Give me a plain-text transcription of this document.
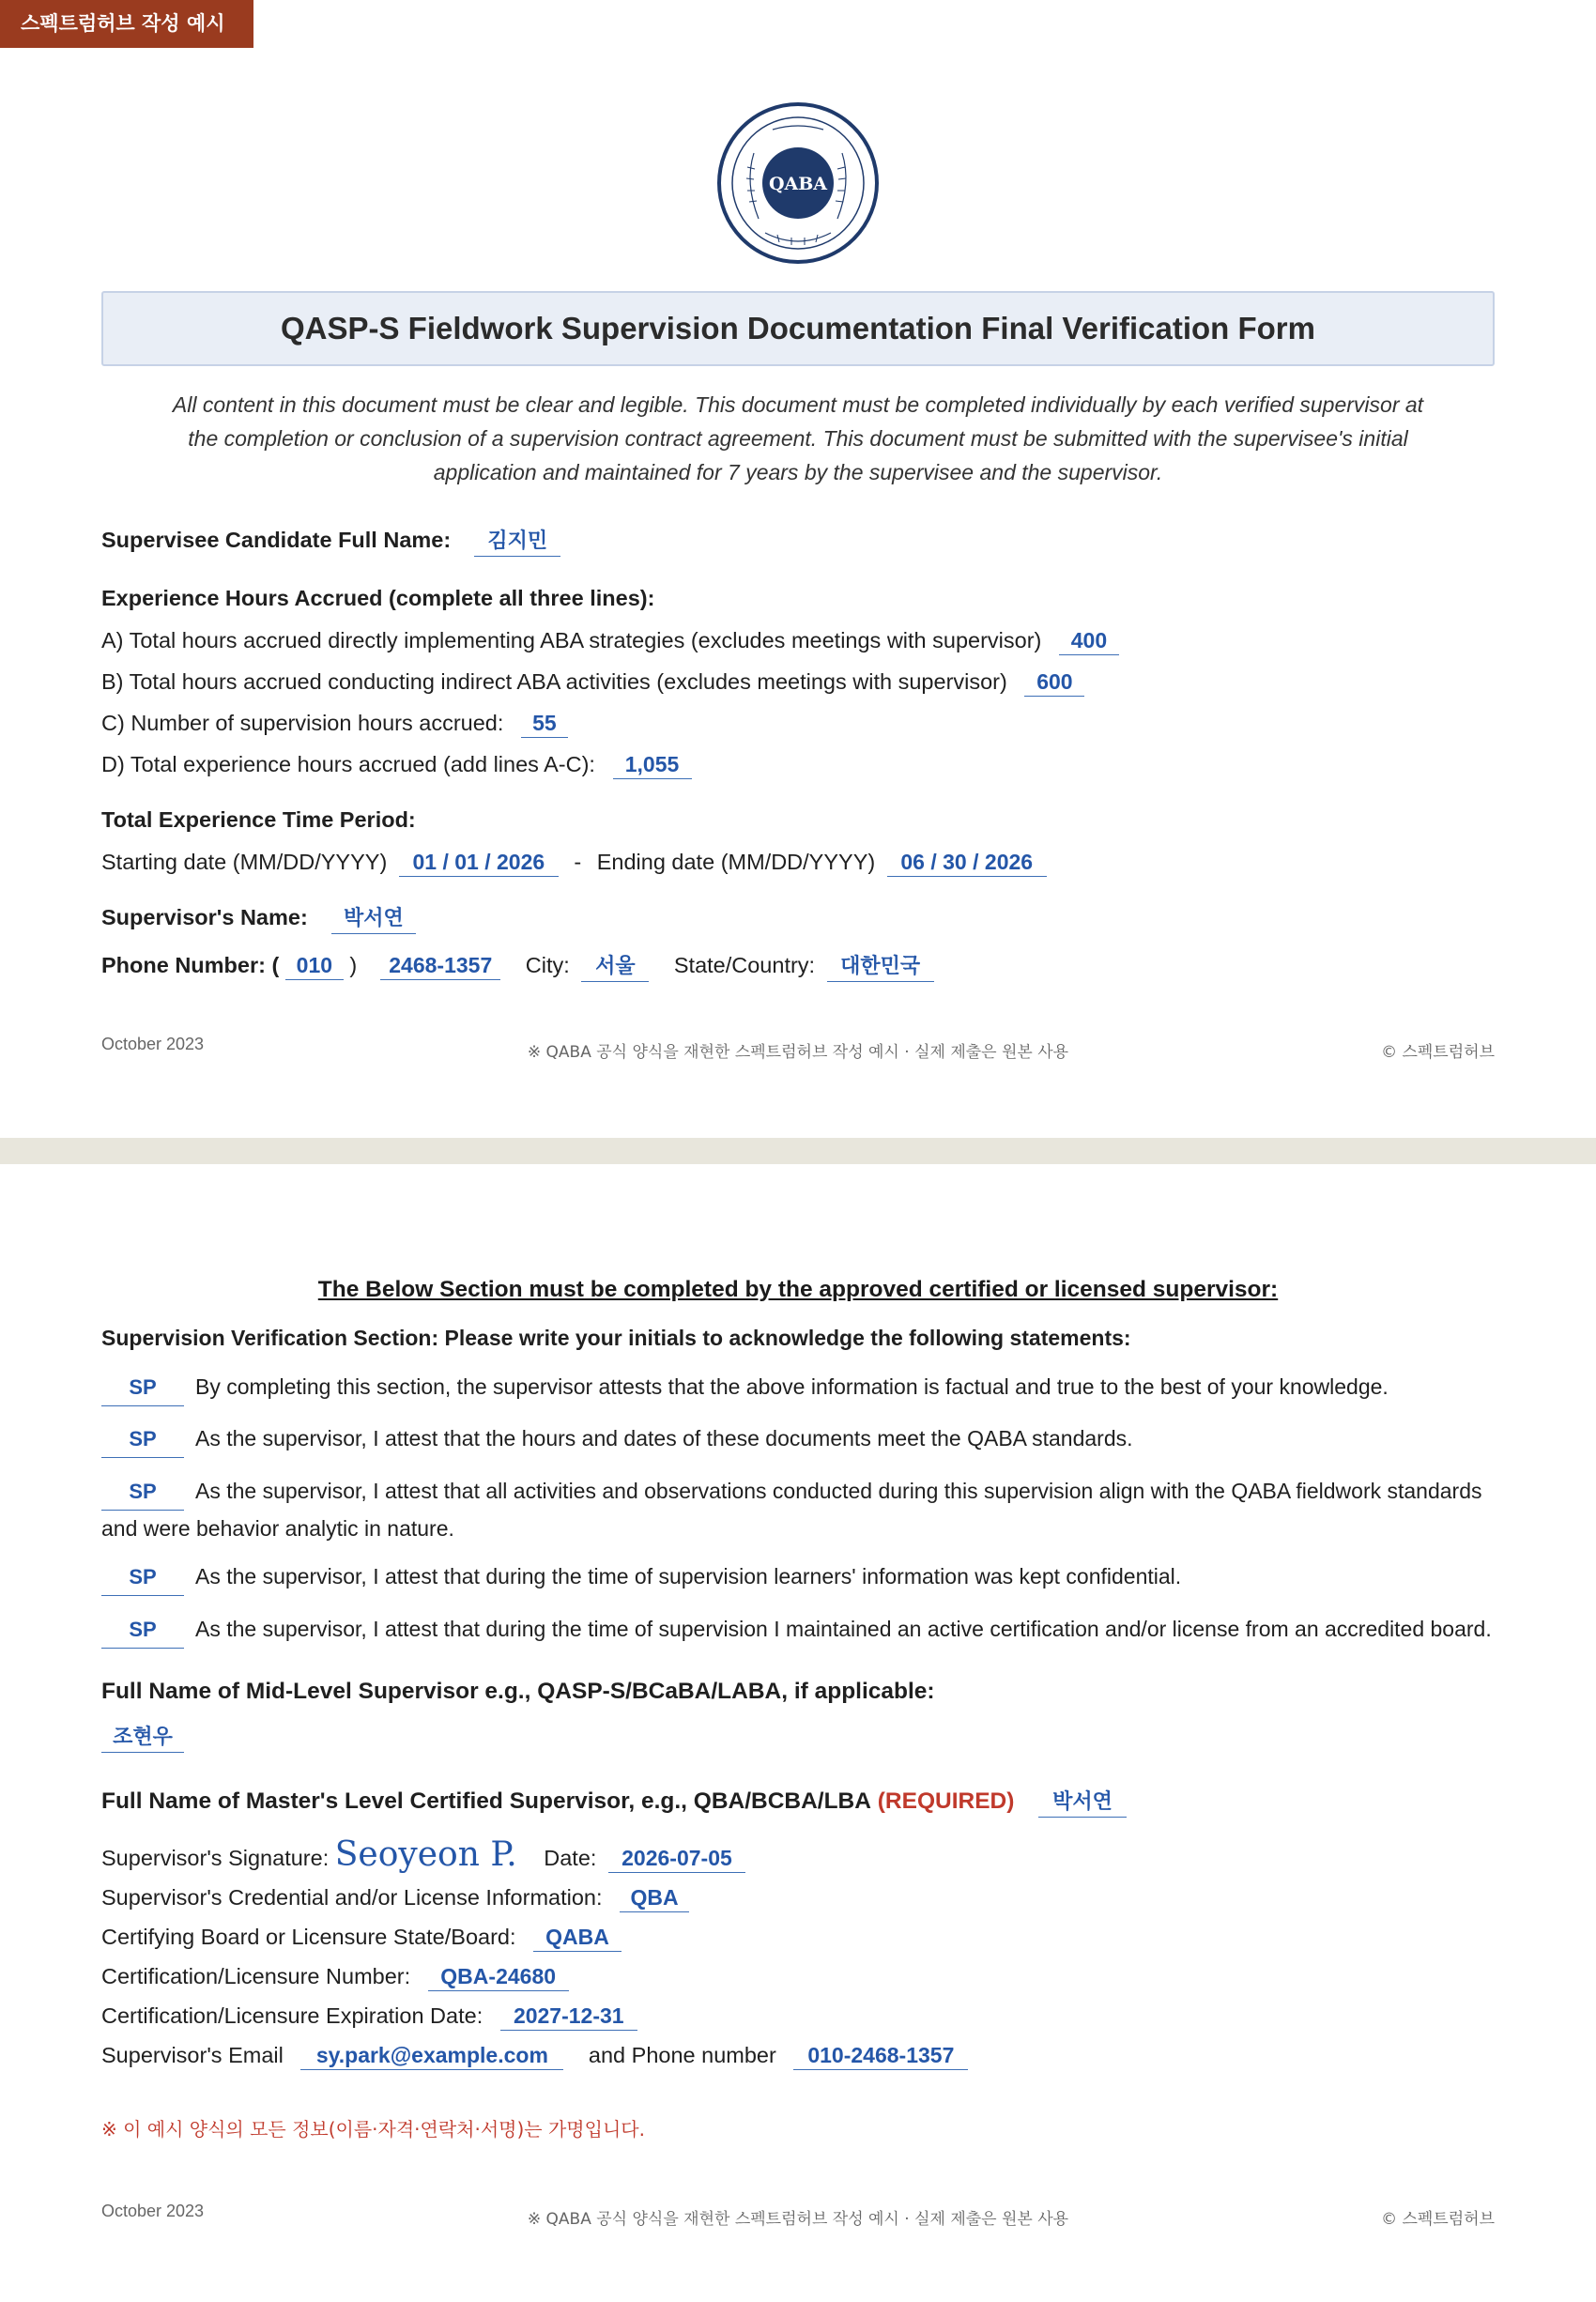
스펙트럼허브 작성 예시
QABA
QASP-S Fieldwork Supervision Documentation Final Verification Form
All content in this document must be clear and legible. This document must be completed individually by each verified supervisor at the completion or conclusion of a supervision contract agreement. This document must be submitted with the supervisee's initial application and maintained for 7 years by the supervisee and the supervisor.
Supervisee Candidate Full Name: 김지민
Experience Hours Accrued (complete all three lines):
A) Total hours accrued directly implementing ABA strategies (excludes meetings with supervisor) 400
B) Total hours accrued conducting indirect ABA activities (excludes meetings with supervisor) 600
C) Number of supervision hours accrued: 55
D) Total experience hours accrued (add lines A-C): 1,055
Total Experience Time Period:
Starting date (MM/DD/YYYY) 01 / 01 / 2026 - Ending date (MM/DD/YYYY) 06 / 30 / 2026
Supervisor's Name: 박서연
Phone Number: ( 010 ) 2468-1357 City: 서울 State/Country: 대한민국
October 2023	※ QABA 공식 양식을 재현한 스펙트럼허브 작성 예시 · 실제 제출은 원본 사용	© 스펙트럼허브
The Below Section must be completed by the approved certified or licensed supervisor:
Supervision Verification Section: Please write your initials to acknowledge the following statements:
SP By completing this section, the supervisor attests that the above information is factual and true to the best of your knowledge.
SP As the supervisor, I attest that the hours and dates of these documents meet the QABA standards.
SP As the supervisor, I attest that all activities and observations conducted during this supervision align with the QABA fieldwork standards and were behavior analytic in nature.
SP As the supervisor, I attest that during the time of supervision learners' information was kept confidential.
SP As the supervisor, I attest that during the time of supervision I maintained an active certification and/or license from an accredited board.
Full Name of Mid-Level Supervisor e.g., QASP-S/BCaBA/LABA, if applicable:
조현우
Full Name of Master's Level Certified Supervisor, e.g., QBA/BCBA/LBA (REQUIRED) 박서연
Supervisor's Signature: Seoyeon P. Date: 2026-07-05
Supervisor's Credential and/or License Information: QBA
Certifying Board or Licensure State/Board: QABA
Certification/Licensure Number: QBA-24680
Certification/Licensure Expiration Date: 2027-12-31
Supervisor's Email sy.park@example.com and Phone number 010-2468-1357
※ 이 예시 양식의 모든 정보(이름·자격·연락처·서명)는 가명입니다.
October 2023	※ QABA 공식 양식을 재현한 스펙트럼허브 작성 예시 · 실제 제출은 원본 사용	© 스펙트럼허브
